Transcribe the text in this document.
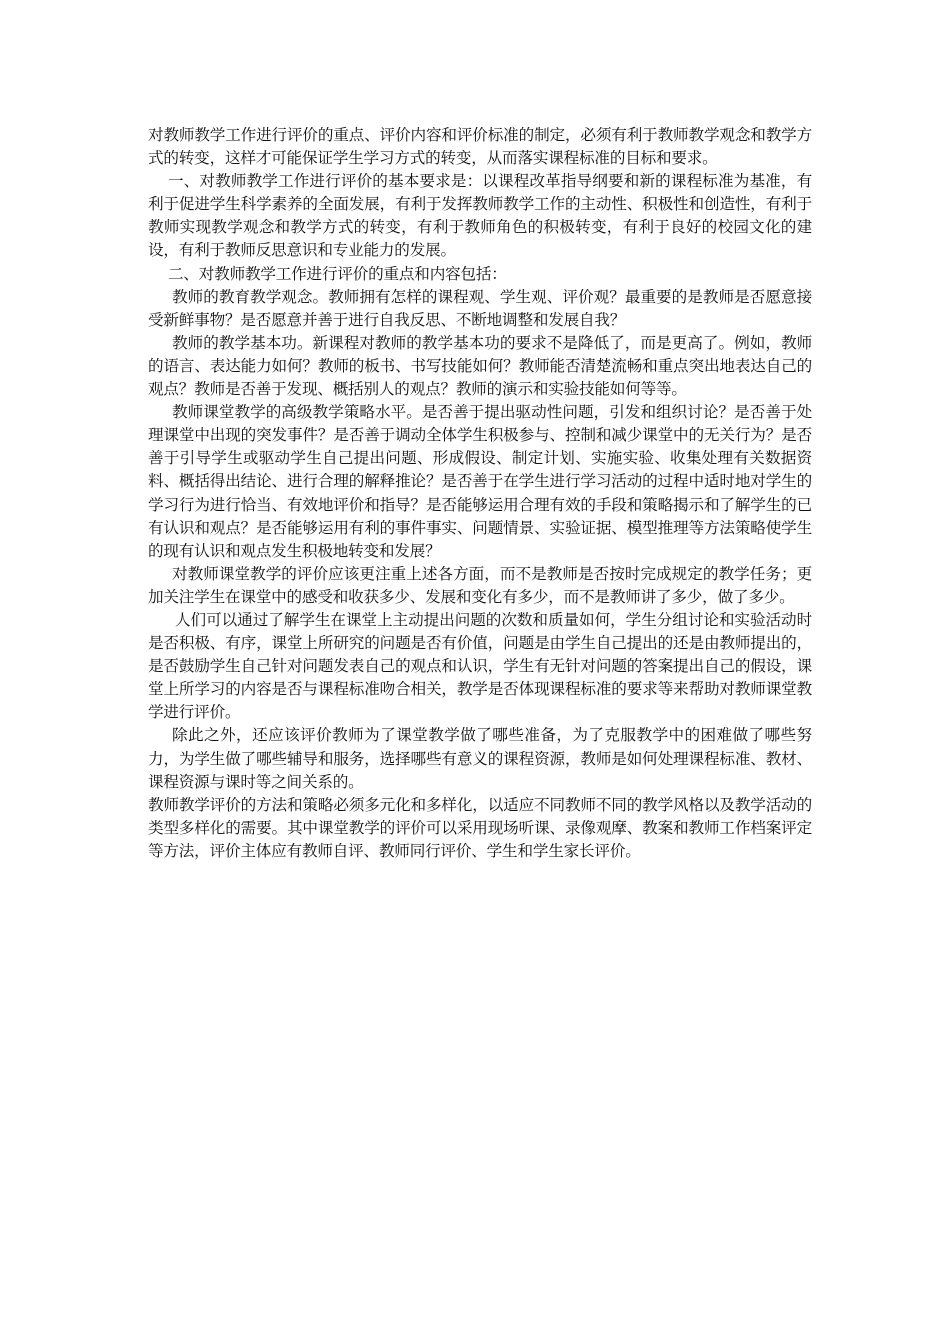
对教师教学工作进行评价的重点、评价内容和评价标准的制定，必须有利于教师教学观念和教学方式的转变，这样才可能保证学生学习方式的转变，从而落实课程标准的目标和要求。

一、对教师教学工作进行评价的基本要求是：以课程改革指导纲要和新的课程标准为基准，有利于促进学生科学素养的全面发展，有利于发挥教师教学工作的主动性、积极性和创造性，有利于教师实现教学观念和教学方式的转变，有利于教师角色的积极转变，有利于良好的校园文化的建设，有利于教师反思意识和专业能力的发展。

二、对教师教学工作进行评价的重点和内容包括：

教师的教育教学观念。教师拥有怎样的课程观、学生观、评价观？最重要的是教师是否愿意接受新鲜事物？是否愿意并善于进行自我反思、不断地调整和发展自我？

教师的教学基本功。新课程对教师的教学基本功的要求不是降低了，而是更高了。例如，教师的语言、表达能力如何？教师的板书、书写技能如何？教师能否清楚流畅和重点突出地表达自己的观点？教师是否善于发现、概括别人的观点？教师的演示和实验技能如何等等。

教师课堂教学的高级教学策略水平。是否善于提出驱动性问题，引发和组织讨论？是否善于处理课堂中出现的突发事件？是否善于调动全体学生积极参与、控制和减少课堂中的无关行为？是否善于引导学生或驱动学生自己提出问题、形成假设、制定计划、实施实验、收集处理有关数据资料、概括得出结论、进行合理的解释推论？是否善于在学生进行学习活动的过程中适时地对学生的学习行为进行恰当、有效地评价和指导？是否能够运用合理有效的手段和策略揭示和了解学生的已有认识和观点？是否能够运用有利的事件事实、问题情景、实验证据、模型推理等方法策略使学生的现有认识和观点发生积极地转变和发展？

对教师课堂教学的评价应该更注重上述各方面，而不是教师是否按时完成规定的教学任务；更加关注学生在课堂中的感受和收获多少、发展和变化有多少，而不是教师讲了多少，做了多少。

人们可以通过了解学生在课堂上主动提出问题的次数和质量如何，学生分组讨论和实验活动时是否积极、有序，课堂上所研究的问题是否有价值，问题是由学生自己提出的还是由教师提出的，是否鼓励学生自己针对问题发表自己的观点和认识，学生有无针对问题的答案提出自己的假设，课堂上所学习的内容是否与课程标准吻合相关，教学是否体现课程标准的要求等来帮助对教师课堂教学进行评价。

除此之外，还应该评价教师为了课堂教学做了哪些准备，为了克服教学中的困难做了哪些努力，为学生做了哪些辅导和服务，选择哪些有意义的课程资源，教师是如何处理课程标准、教材、课程资源与课时等之间关系的。

教师教学评价的方法和策略必须多元化和多样化，以适应不同教师不同的教学风格以及教学活动的类型多样化的需要。其中课堂教学的评价可以采用现场听课、录像观摩、教案和教师工作档案评定等方法，评价主体应有教师自评、教师同行评价、学生和学生家长评价。
